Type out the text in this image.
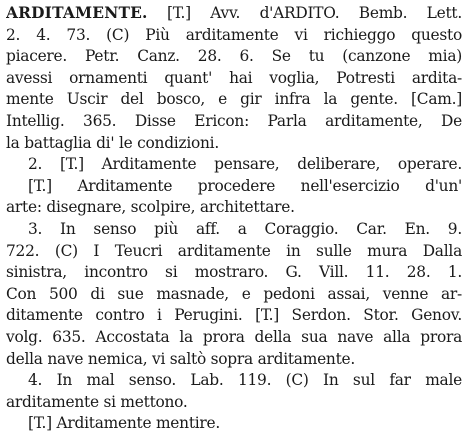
ARDITAMENTE. [T.] Avv. d'ARDITO. Bemb. Lett.
2. 4. 73. (C) Più arditamente vi richieggo questo
piacere. Petr. Canz. 28. 6. Se tu (canzone mia)
avessi ornamenti quant' hai voglia, Potresti ardita-
mente Uscir del bosco, e gir infra la gente. [Cam.]
Intellig. 365. Disse Ericon: Parla arditamente, De
la battaglia di' le condizioni.
2. [T.] Arditamente pensare, deliberare, operare.
[T.] Arditamente procedere nell'esercizio d'un'
arte: disegnare, scolpire, architettare.
3. In senso più aff. a Coraggio. Car. En. 9.
722. (C) I Teucri arditamente in sulle mura Dalla
sinistra, incontro si mostraro. G. Vill. 11. 28. 1.
Con 500 di sue masnade, e pedoni assai, venne ar-
ditamente contro i Perugini. [T.] Serdon. Stor. Genov.
volg. 635. Accostata la prora della sua nave alla prora
della nave nemica, vi saltò sopra arditamente.
4. In mal senso. Lab. 119. (C) In sul far male
arditamente si mettono.
[T.] Arditamente mentire.
